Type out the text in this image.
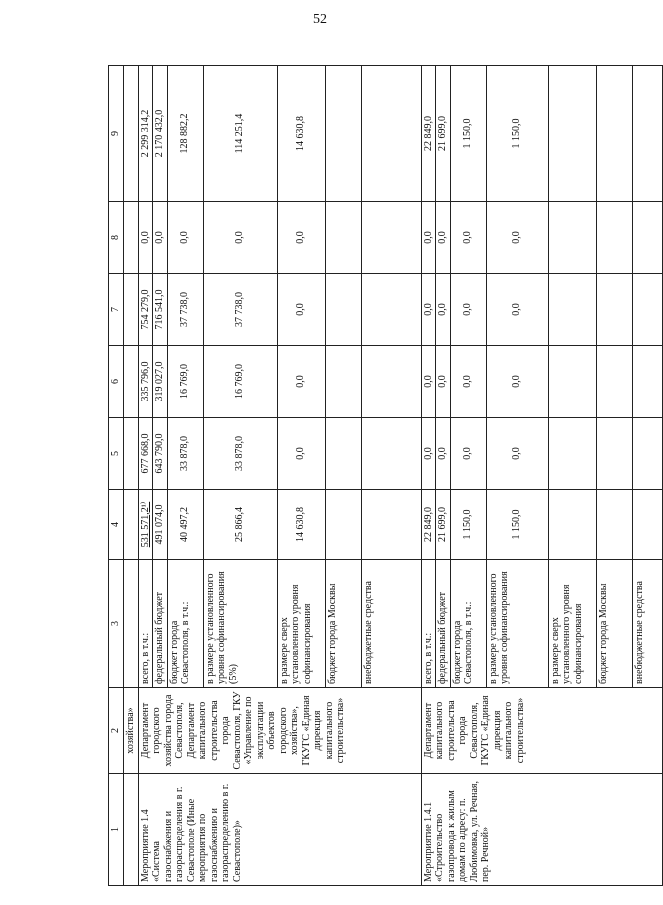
52
1	2	3	4	5	6	7	8	9
	хозяйства»							
Мероприятие 1.4 «Система газоснабжения и газораспределения в г. Севастополе (Иные мероприятия по газоснабжению и газораспределению в г. Севастополе)»	Департамент городского хозяйства города Севастополя, Департамент капитального строительства города Севастополя, ГКУ «Управление по эксплуатации объектов городского хозяйства», ГКУГС «Единая дирекция капитального строительства»	всего, в т.ч.:	531 571,2¹⁾	677 668,0	335 796,0	754 279,0	0,0	2 299 314,2
		федеральный бюджет	491 074,0	643 790,0	319 027,0	716 541,0	0,0	2 170 432,0
		бюджет города Севастополя, в т.ч.:	40 497,2	33 878,0	16 769,0	37 738,0	0,0	128 882,2
		в размере установленного уровня софинансирования (5%)	25 866,4	33 878,0	16 769,0	37 738,0	0,0	114 251,4
		в размере сверх установленного уровня софинансирования	14 630,8	0,0	0,0	0,0	0,0	14 630,8
		бюджет города Москвы						
		внебюджетные средства						
Мероприятие 1.4.1 «Строительство газопровода к жилым домам по адресу: п. Любимовка, ул. Речная, пер. Речной»	Департамент капитального строительства города Севастополя, ГКУГС «Единая дирекция капитального строительства»	всего, в т.ч.:	22 849,0	0,0	0,0	0,0	0,0	22 849,0
		федеральный бюджет	21 699,0	0,0	0,0	0,0	0,0	21 699,0
		бюджет города Севастополя, в т.ч.:	1 150,0	0,0	0,0	0,0	0,0	1 150,0
		в размере установленного уровня софинансирования	1 150,0	0,0	0,0	0,0	0,0	1 150,0
		в размере сверх установленного уровня софинансирования						
		бюджет города Москвы						
		внебюджетные средства						
